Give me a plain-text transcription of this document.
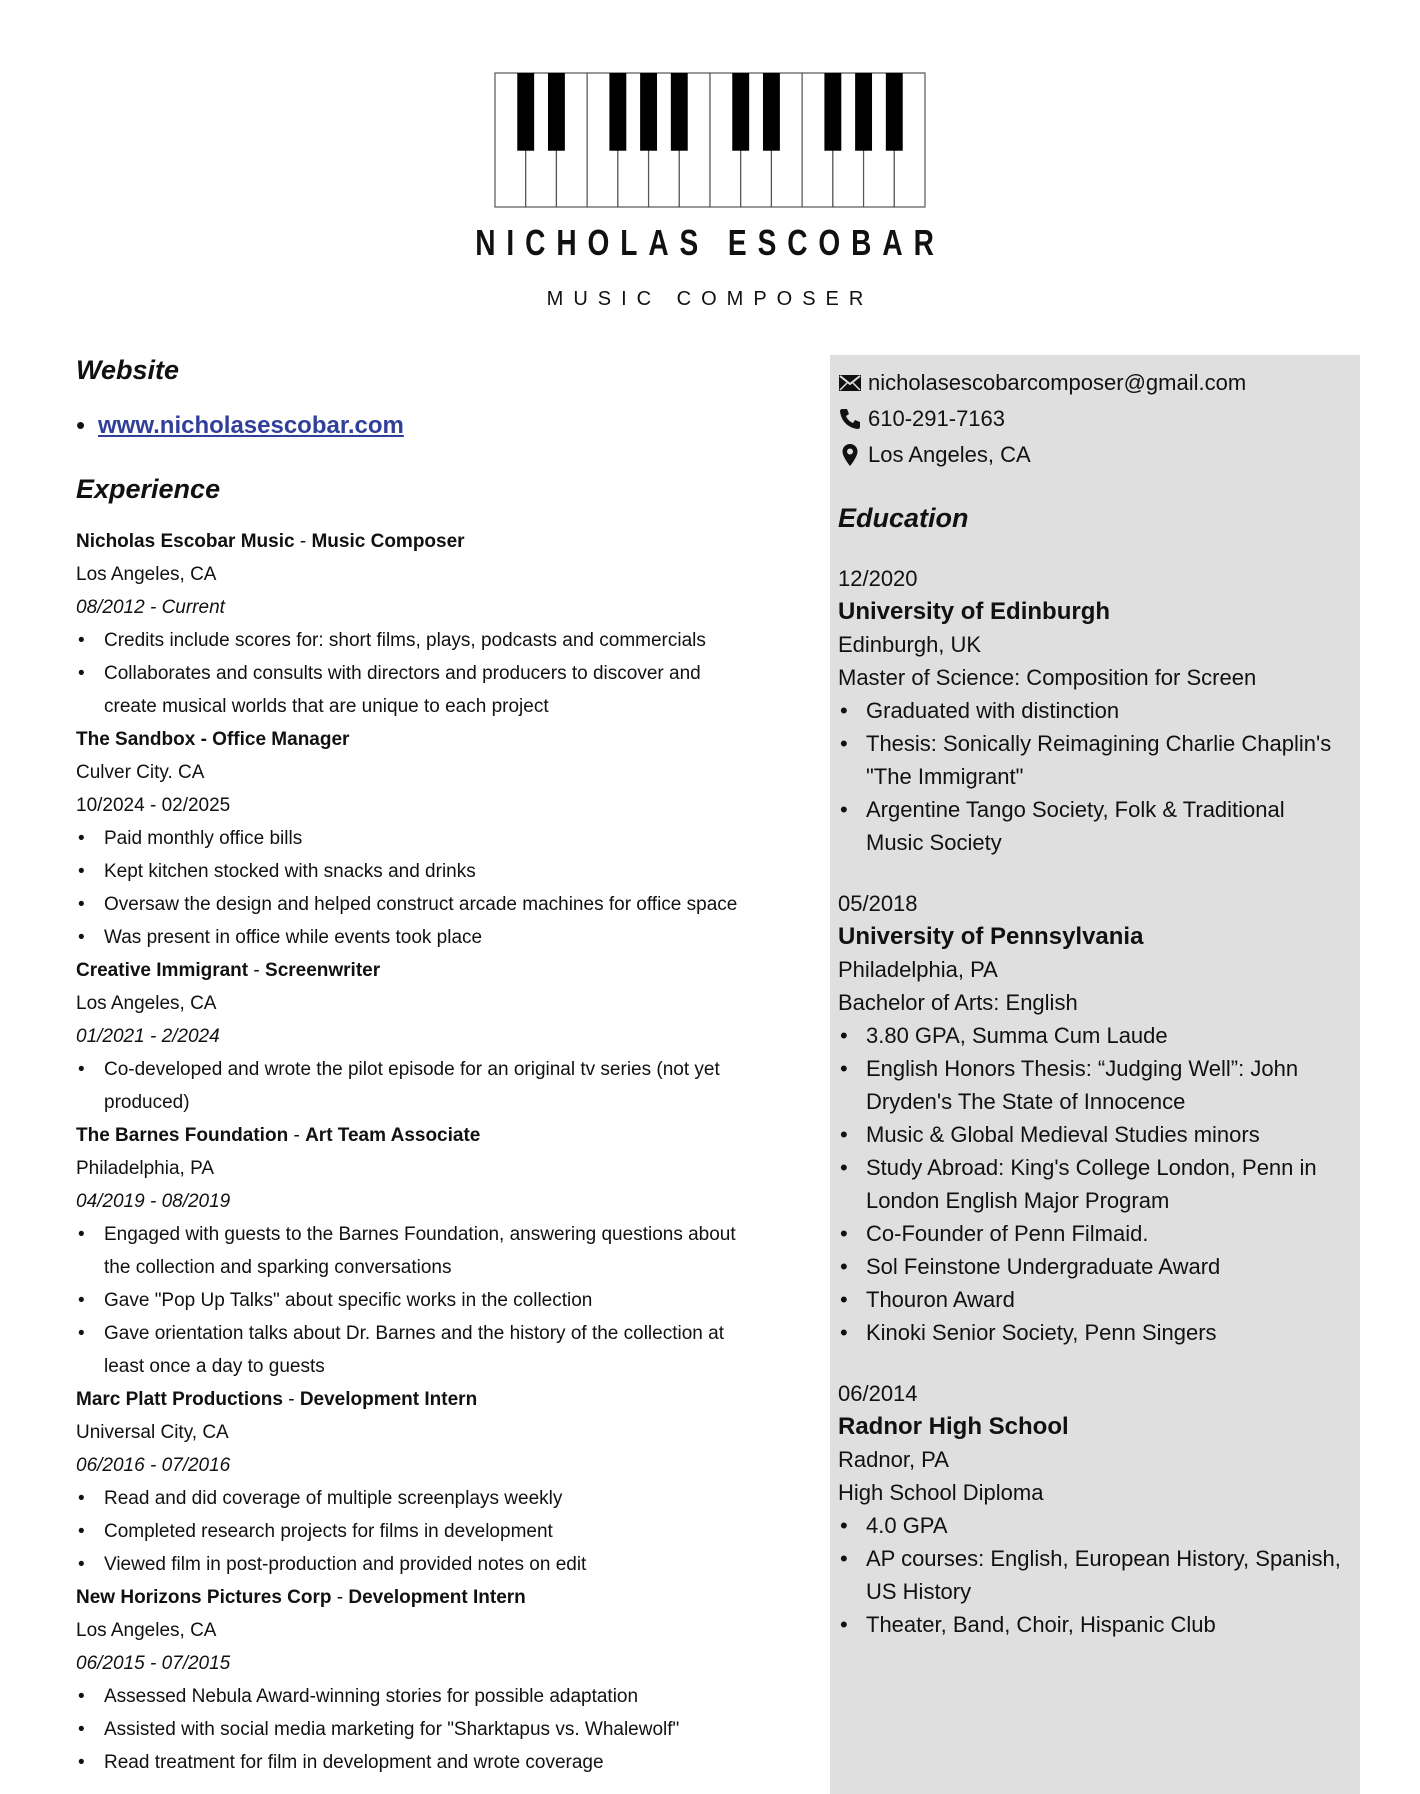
NICHOLAS ESCOBAR
MUSIC COMPOSER
Website
• www.nicholasescobar.com
Experience
Nicholas Escobar Music - Music Composer
Los Angeles, CA
08/2012 - Current
• Credits include scores for: short films, plays, podcasts and commercials
• Collaborates and consults with directors and producers to discover and create musical worlds that are unique to each project
The Sandbox - Office Manager
Culver City. CA
10/2024 - 02/2025
• Paid monthly office bills
• Kept kitchen stocked with snacks and drinks
• Oversaw the design and helped construct arcade machines for office space
• Was present in office while events took place
Creative Immigrant - Screenwriter
Los Angeles, CA
01/2021 - 2/2024
• Co-developed and wrote the pilot episode for an original tv series (not yet produced)
The Barnes Foundation - Art Team Associate
Philadelphia, PA
04/2019 - 08/2019
• Engaged with guests to the Barnes Foundation, answering questions about the collection and sparking conversations
• Gave "Pop Up Talks" about specific works in the collection
• Gave orientation talks about Dr. Barnes and the history of the collection at least once a day to guests
Marc Platt Productions - Development Intern
Universal City, CA
06/2016 - 07/2016
• Read and did coverage of multiple screenplays weekly
• Completed research projects for films in development
• Viewed film in post-production and provided notes on edit
New Horizons Pictures Corp - Development Intern
Los Angeles, CA
06/2015 - 07/2015
• Assessed Nebula Award-winning stories for possible adaptation
• Assisted with social media marketing for "Sharktapus vs. Whalewolf"
• Read treatment for film in development and wrote coverage
nicholasescobarcomposer@gmail.com
610-291-7163
Los Angeles, CA
Education
12/2020
University of Edinburgh
Edinburgh, UK
Master of Science: Composition for Screen
• Graduated with distinction
• Thesis: Sonically Reimagining Charlie Chaplin's "The Immigrant"
• Argentine Tango Society, Folk & Traditional Music Society
05/2018
University of Pennsylvania
Philadelphia, PA
Bachelor of Arts: English
• 3.80 GPA, Summa Cum Laude
• English Honors Thesis: “Judging Well”: John Dryden's The State of Innocence
• Music & Global Medieval Studies minors
• Study Abroad: King's College London, Penn in London English Major Program
• Co-Founder of Penn Filmaid.
• Sol Feinstone Undergraduate Award
• Thouron Award
• Kinoki Senior Society, Penn Singers
06/2014
Radnor High School
Radnor, PA
High School Diploma
• 4.0 GPA
• AP courses: English, European History, Spanish, US History
• Theater, Band, Choir, Hispanic Club
